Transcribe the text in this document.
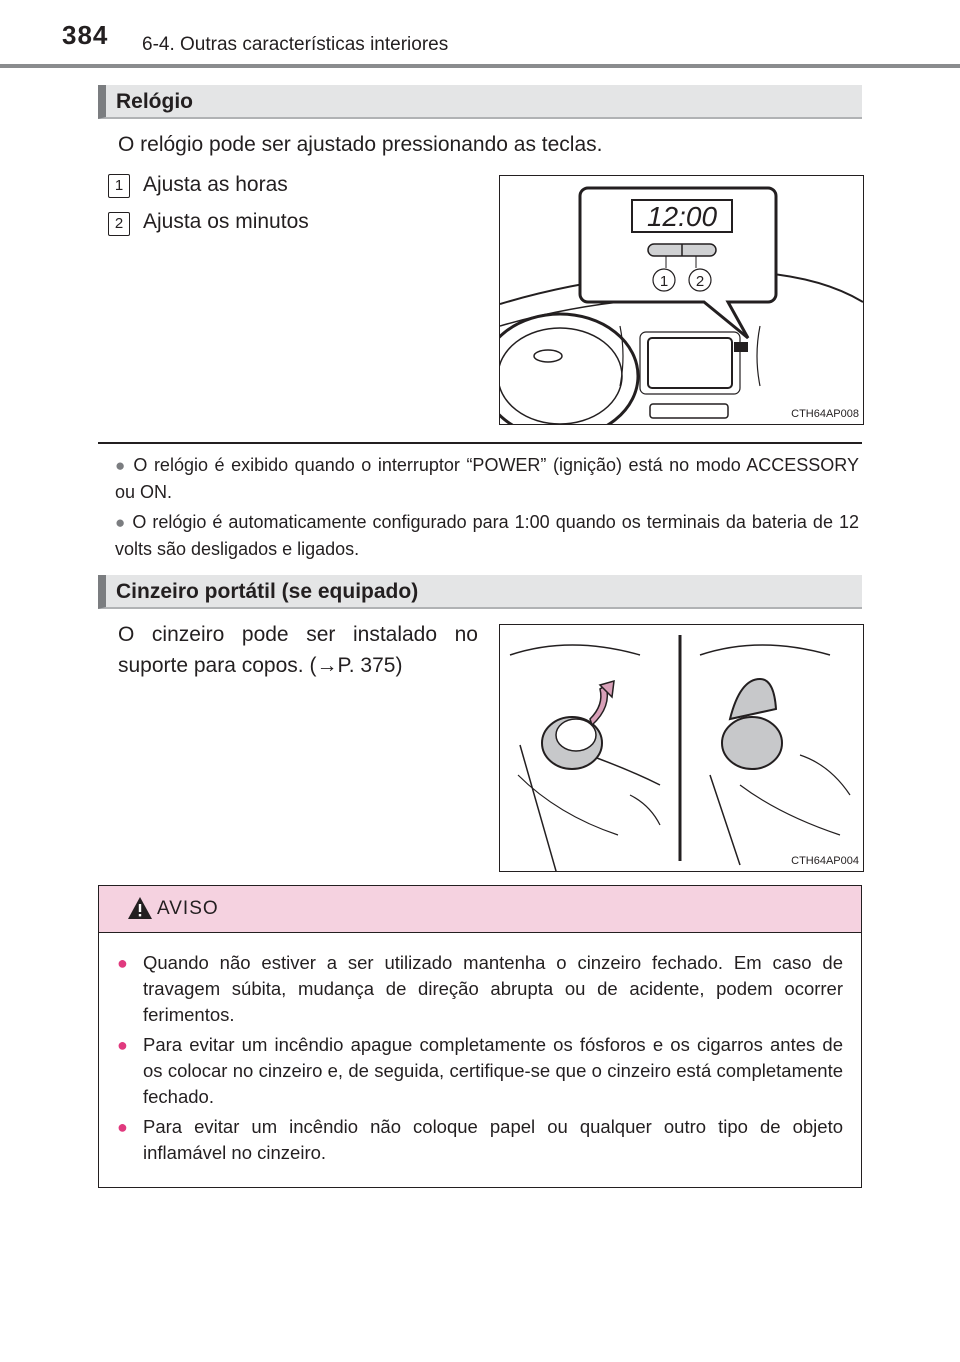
384 6-4. Outras características interiores
Relógio
O relógio pode ser ajustado pressionando as teclas.
1 Ajusta as horas
2 Ajusta os minutos	12:00
1 2
CTH64AP008
● O relógio é exibido quando o interruptor “POWER” (ignição) está no modo ACCESSORY ou ON.
● O relógio é automaticamente configurado para 1:00 quando os terminais da bateria de 12 volts são desligados e ligados.
Cinzeiro portátil (se equipado)
O cinzeiro pode ser instalado no suporte para copos. (→P. 375)
CTH64AP004
AVISO
● Quando não estiver a ser utilizado mantenha o cinzeiro fechado. Em caso de travagem súbita, mudança de direção abrupta ou de acidente, podem ocorrer ferimentos.
● Para evitar um incêndio apague completamente os fósforos e os cigarros antes de os colocar no cinzeiro e, de seguida, certifique-se que o cinzeiro está completamente fechado.
● Para evitar um incêndio não coloque papel ou qualquer outro tipo de objeto inflamável no cinzeiro.
